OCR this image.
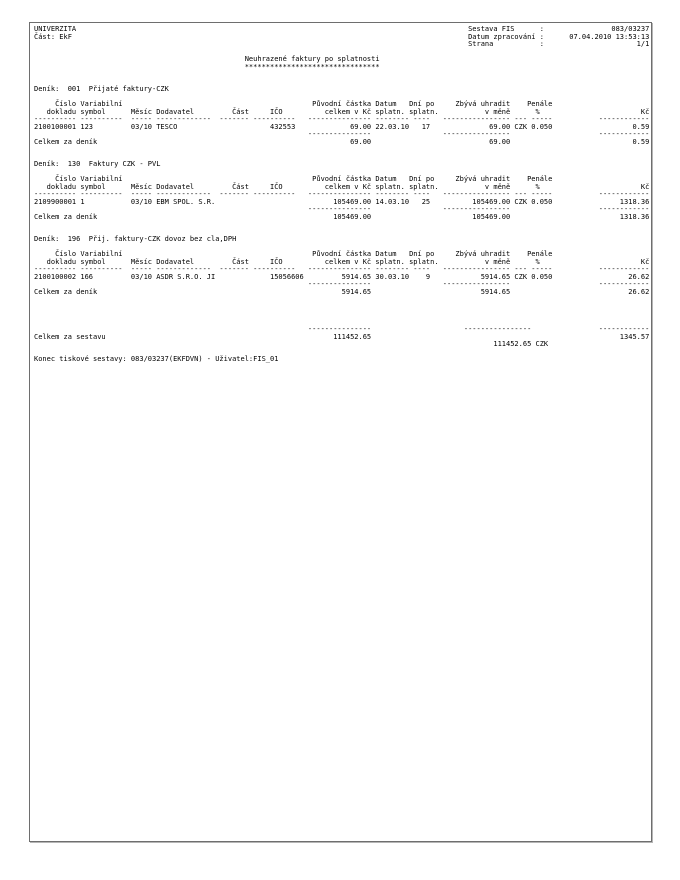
UNIVERZITA                                                                                             Sestava FIS      :                083/03237
Část: EkF                                                                                              Datum zpracování :      07.04.2010 13:53:13
Strana           :                      1/1

Neuhrazené faktury po splatnosti
********************************

Deník:  001  Přijaté faktury-CZK

Číslo Variabilní                                             Původní částka Datum   Dní po     Zbývá uhradit    Penále
dokladu symbol      Měsíc Dodavatel         Část     IČO          celkem v Kč splatn. splatn.           v měně      %                        Kč
---------- ----------  ----- -------------  ------- ----------   --------------- -------- ----   ---------------- --- -----           ------------
2100100001 123         03/10 TESCO                      432553             69.00 22.03.10   17              69.00 CZK 0.050                   0.59
---------------                 ----------------                     ------------
Celkem za deník                                                            69.00                            69.00                             0.59

Deník:  130  Faktury CZK - PVL

Číslo Variabilní                                             Původní částka Datum   Dní po     Zbývá uhradit    Penále
dokladu symbol      Měsíc Dodavatel         Část     IČO          celkem v Kč splatn. splatn.           v měně      %                        Kč
---------- ----------  ----- -------------  ------- ----------   --------------- -------- ----   ---------------- --- -----           ------------
2109900001 1           03/10 EBM SPOL. S.R.                            105469.00 14.03.10   25          105469.00 CZK 0.050                1318.36
---------------                 ----------------                     ------------
Celkem za deník                                                        105469.00                        105469.00                          1318.36

Deník:  196  Přij. faktury-CZK dovoz bez cla,DPH

Číslo Variabilní                                             Původní částka Datum   Dní po     Zbývá uhradit    Penále
dokladu symbol      Měsíc Dodavatel         Část     IČO          celkem v Kč splatn. splatn.           v měně      %                        Kč
---------- ----------  ----- -------------  ------- ----------   --------------- -------- ----   ---------------- --- -----           ------------
2100100002 166         03/10 ASDR S.R.O. JI             15056606         5914.65 30.03.10    9            5914.65 CZK 0.050                  26.62
---------------                 ----------------                     ------------
Celkem za deník                                                          5914.65                          5914.65                            26.62

---------------                      ----------------                ------------
Celkem za sestavu                                                      111452.65                                                           1345.57
111452.65 CZK

Konec tiskové sestavy: 083/03237(EKFDVN) - Uživatel:FIS_01
